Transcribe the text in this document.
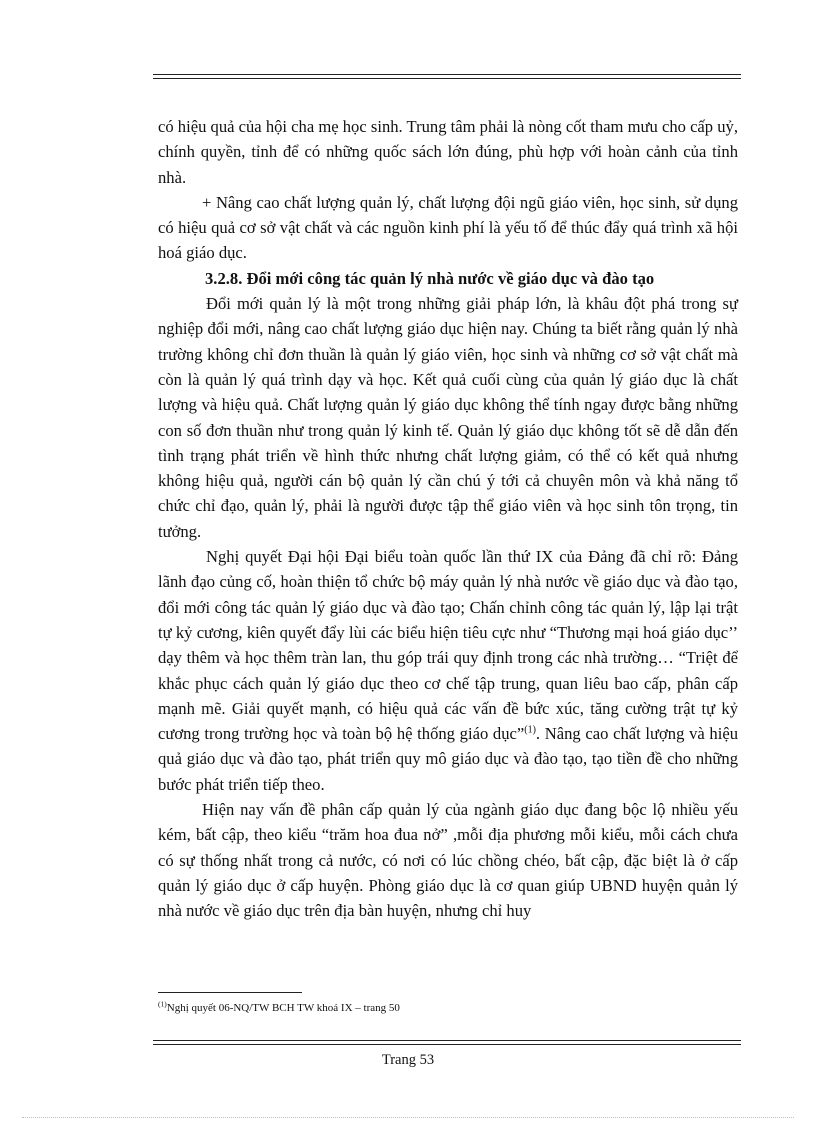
có hiệu quả của hội cha mẹ học sinh. Trung tâm phải là nòng cốt tham mưu cho cấp uỷ, chính quyền, tỉnh để có những quốc sách lớn đúng, phù hợp với hoàn cảnh của tỉnh nhà.

+ Nâng cao chất lượng quản lý, chất lượng đội ngũ giáo viên, học sinh, sử dụng có hiệu quả cơ sở vật chất và các nguồn kinh phí là yếu tố để thúc đẩy quá trình xã hội hoá giáo dục.

3.2.8. Đổi mới công tác quản lý nhà nước về giáo dục và đào tạo

Đổi mới quản lý là một trong những giải pháp lớn, là khâu đột phá trong sự nghiệp đổi mới, nâng cao chất lượng giáo dục hiện nay. Chúng ta biết rằng quản lý nhà trường không chỉ đơn thuần là quản lý giáo viên, học sinh và những cơ sở vật chất mà còn là quản lý quá trình dạy và học. Kết quả cuối cùng của quản lý giáo dục là chất lượng và hiệu quả. Chất lượng quản lý giáo dục không thể tính ngay được bằng những con số đơn thuần như trong quản lý kinh tế. Quản lý giáo dục không tốt sẽ dễ dẫn đến tình trạng phát triển về hình thức nhưng chất lượng giảm, có thể có kết quả nhưng không hiệu quả, người cán bộ quản lý cần chú ý tới cả chuyên môn và khả năng tổ chức chỉ đạo, quản lý, phải là người được tập thể giáo viên và học sinh tôn trọng, tin tưởng.

Nghị quyết Đại hội Đại biểu toàn quốc lần thứ IX của Đảng đã chỉ rõ: Đảng lãnh đạo củng cố, hoàn thiện tổ chức bộ máy quản lý nhà nước về giáo dục và đào tạo, đổi mới công tác quản lý giáo dục và đào tạo; Chấn chỉnh công tác quản lý, lập lại trật tự kỷ cương, kiên quyết đẩy lùi các biểu hiện tiêu cực như “Thương mại hoá giáo dục’’ dạy thêm và học thêm tràn lan, thu góp trái quy định trong các nhà trường… “Triệt để khắc phục cách quản lý giáo dục theo cơ chế tập trung, quan liêu bao cấp, phân cấp mạnh mẽ. Giải quyết mạnh, có hiệu quả các vấn đề bức xúc, tăng cường trật tự kỷ cương trong trường học và toàn bộ hệ thống giáo dục”$^{(1)}$. Nâng cao chất lượng và hiệu quả giáo dục và đào tạo, phát triển quy mô giáo dục và đào tạo, tạo tiền đề cho những bước phát triển tiếp theo.

Hiện nay vấn đề phân cấp quản lý của ngành giáo dục đang bộc lộ nhiều yếu kém, bất cập, theo kiểu “trăm hoa đua nở” ,mỗi địa phương mỗi kiểu, mỗi cách chưa có sự thống nhất trong cả nước, có nơi có lúc chồng chéo, bất cập, đặc biệt là ở cấp quản lý giáo dục ở cấp huyện. Phòng giáo dục là cơ quan giúp UBND huyện quản lý nhà nước về giáo dục trên địa bàn huyện, nhưng chỉ huy

$^{(1)}$Nghị quyết 06-NQ/TW BCH TW khoá IX – trang 50
Trang 53
